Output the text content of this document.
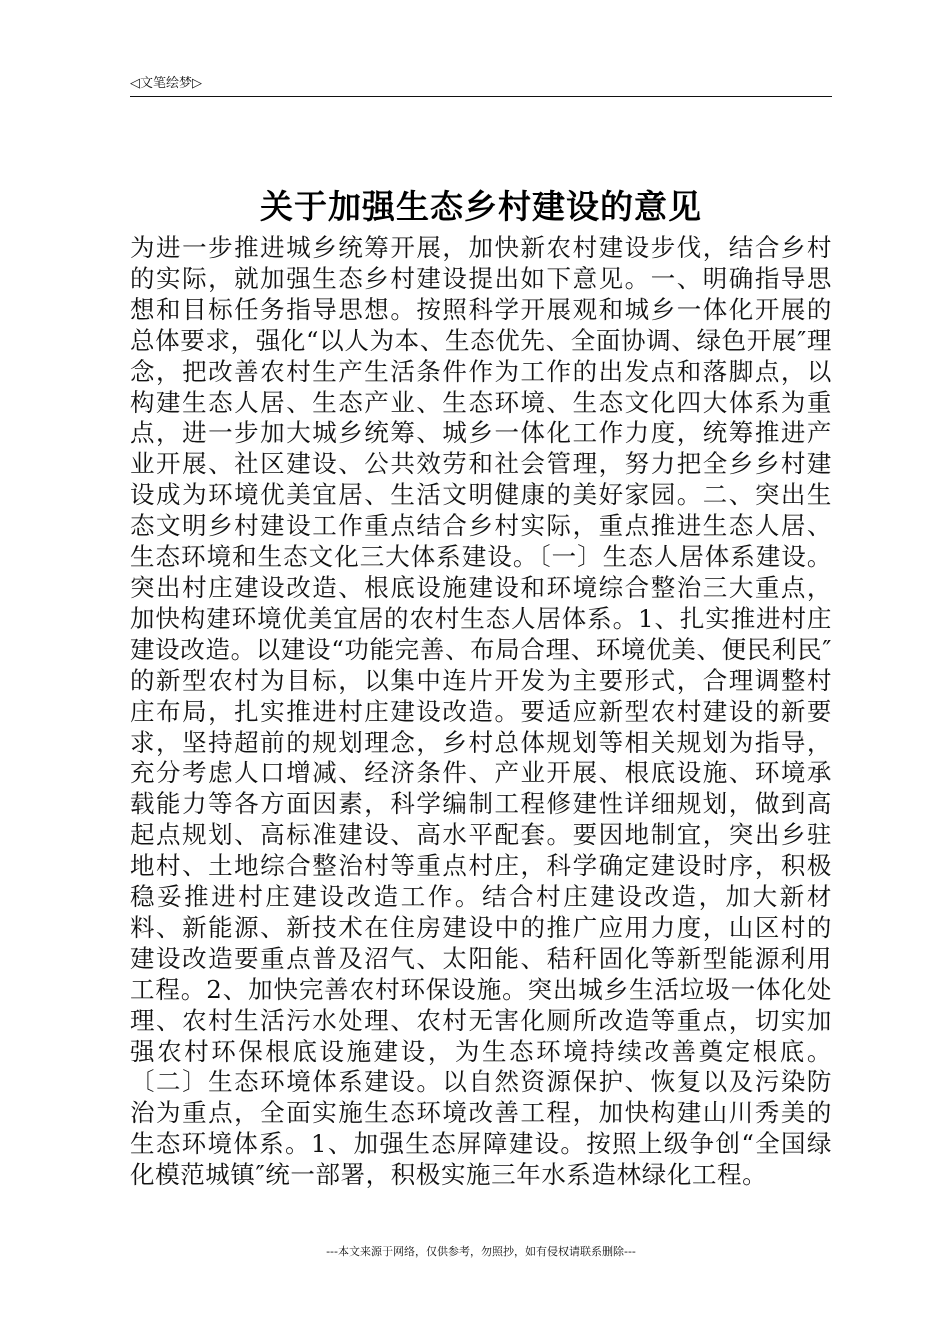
◁文笔绘梦▷
关于加强生态乡村建设的意见
为进一步推进城乡统筹开展，加快新农村建设步伐，结合乡村的实际，就加强生态乡村建设提出如下意见。一、明确指导思想和目标任务指导思想。按照科学开展观和城乡一体化开展的总体要求，强化“以人为本、生态优先、全面协调、绿色开展″理念，把改善农村生产生活条件作为工作的出发点和落脚点，以构建生态人居、生态产业、生态环境、生态文化四大体系为重点，进一步加大城乡统筹、城乡一体化工作力度，统筹推进产业开展、社区建设、公共效劳和社会管理，努力把全乡乡村建设成为环境优美宜居、生活文明健康的美好家园。二、突出生态文明乡村建设工作重点结合乡村实际，重点推进生态人居、生态环境和生态文化三大体系建设。〔一〕生态人居体系建设。突出村庄建设改造、根底设施建设和环境综合整治三大重点，加快构建环境优美宜居的农村生态人居体系。1、扎实推进村庄建设改造。以建设“功能完善、布局合理、环境优美、便民利民″的新型农村为目标，以集中连片开发为主要形式，合理调整村庄布局，扎实推进村庄建设改造。要适应新型农村建设的新要求，坚持超前的规划理念，乡村总体规划等相关规划为指导，充分考虑人口增减、经济条件、产业开展、根底设施、环境承载能力等各方面因素，科学编制工程修建性详细规划，做到高起点规划、高标准建设、高水平配套。要因地制宜，突出乡驻地村、土地综合整治村等重点村庄，科学确定建设时序，积极稳妥推进村庄建设改造工作。结合村庄建设改造，加大新材料、新能源、新技术在住房建设中的推广应用力度，山区村的建设改造要重点普及沼气、太阳能、秸秆固化等新型能源利用工程。2、加快完善农村环保设施。突出城乡生活垃圾一体化处理、农村生活污水处理、农村无害化厕所改造等重点，切实加强农村环保根底设施建设，为生态环境持续改善奠定根底。〔二〕生态环境体系建设。以自然资源保护、恢复以及污染防治为重点，全面实施生态环境改善工程，加快构建山川秀美的生态环境体系。1、加强生态屏障建设。按照上级争创“全国绿化模范城镇″统一部署，积极实施三年水系造林绿化工程。
---本文来源于网络，仅供参考，勿照抄，如有侵权请联系删除---
